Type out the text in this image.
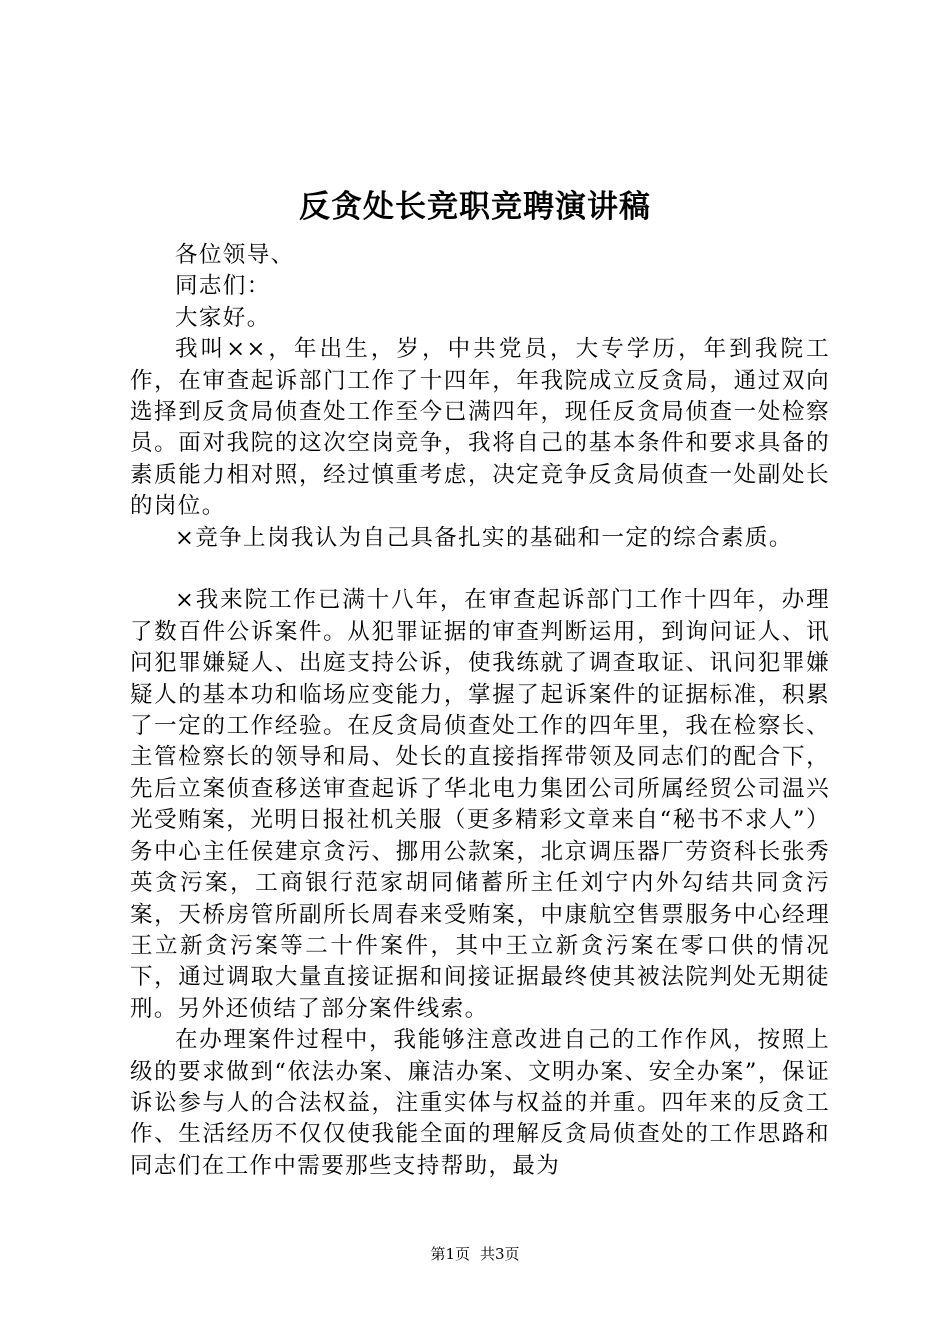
反贪处长竞职竞聘演讲稿

各位领导、

同志们：

大家好。

我叫××，年出生，岁，中共党员，大专学历，年到我院工作，在审查起诉部门工作了十四年，年我院成立反贪局，通过双向选择到反贪局侦查处工作至今已满四年，现任反贪局侦查一处检察员。面对我院的这次空岗竞争，我将自己的基本条件和要求具备的素质能力相对照，经过慎重考虑，决定竞争反贪局侦查一处副处长的岗位。

×竞争上岗我认为自己具备扎实的基础和一定的综合素质。

×我来院工作已满十八年，在审查起诉部门工作十四年，办理了数百件公诉案件。从犯罪证据的审查判断运用，到询问证人、讯问犯罪嫌疑人、出庭支持公诉，使我练就了调查取证、讯问犯罪嫌疑人的基本功和临场应变能力，掌握了起诉案件的证据标准，积累了一定的工作经验。在反贪局侦查处工作的四年里，我在检察长、主管检察长的领导和局、处长的直接指挥带领及同志们的配合下，先后立案侦查移送审查起诉了华北电力集团公司所属经贸公司温兴光受贿案，光明日报社机关服（更多精彩文章来自“秘书不求人”）务中心主任侯建京贪污、挪用公款案，北京调压器厂劳资科长张秀英贪污案，工商银行范家胡同储蓄所主任刘宁内外勾结共同贪污案，天桥房管所副所长周春来受贿案，中康航空售票服务中心经理王立新贪污案等二十件案件，其中王立新贪污案在零口供的情况下，通过调取大量直接证据和间接证据最终使其被法院判处无期徒刑。另外还侦结了部分案件线索。

在办理案件过程中，我能够注意改进自己的工作作风，按照上级的要求做到“依法办案、廉洁办案、文明办案、安全办案”，保证诉讼参与人的合法权益，注重实体与权益的并重。四年来的反贪工作、生活经历不仅仅使我能全面的理解反贪局侦查处的工作思路和同志们在工作中需要那些支持帮助，最为

第1页 共3页
